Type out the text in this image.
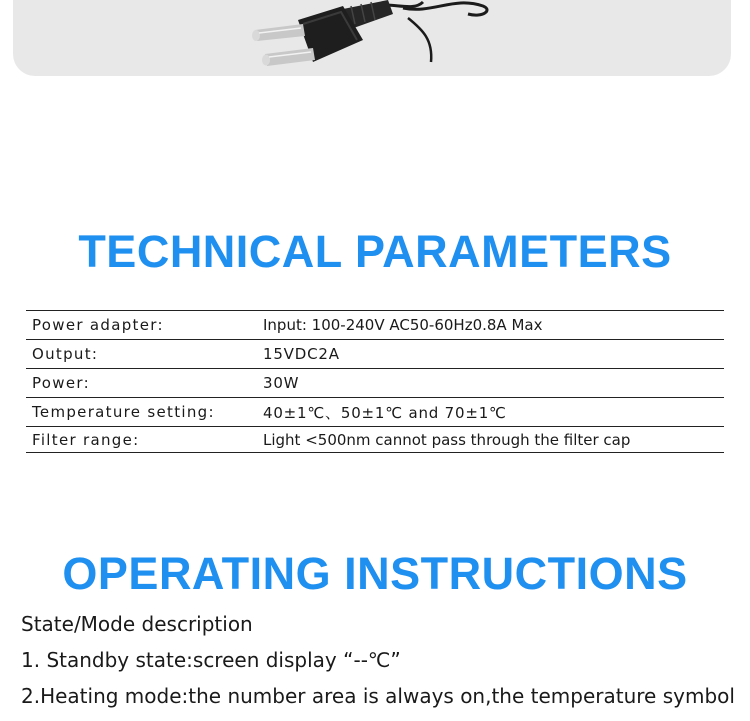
TECHNICAL PARAMETERS
Power adapter:	Input: 100-240V AC50-60Hz0.8A Max
Output:	15VDC2A
Power:	30W
Temperature setting:	40±1℃、50±1℃ and 70±1℃
Filter range:	Light <500nm cannot pass through the filter cap
OPERATING INSTRUCTIONS

State/Mode description

1. Standby state:screen display “--℃”

2.Heating mode:the number area is always on,the temperature symbol
